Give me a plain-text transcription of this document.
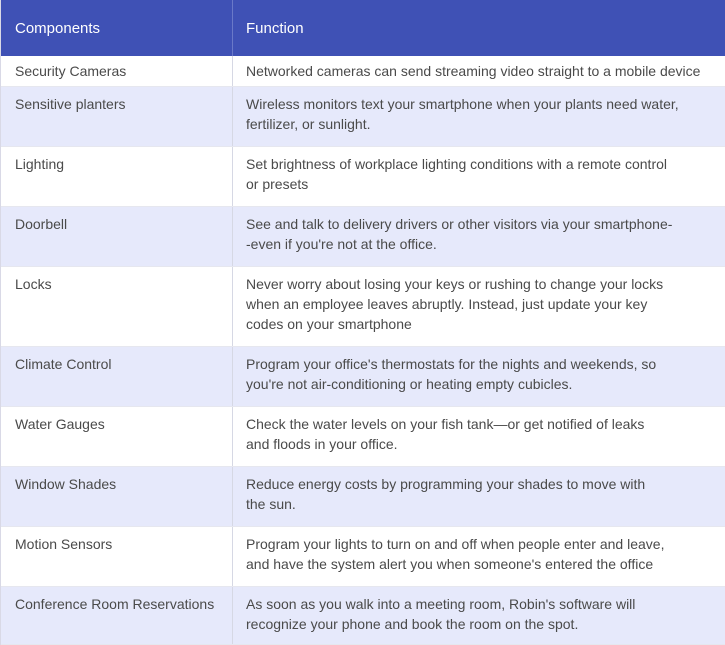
Components	Function
Security Cameras	Networked cameras can send streaming video straight to a mobile device
Sensitive planters	Wireless monitors text your smartphone when your plants need water,
fertilizer, or sunlight.
Lighting	Set brightness of workplace lighting conditions with a remote control
or presets
Doorbell	See and talk to delivery drivers or other visitors via your smartphone-
-even if you're not at the office.
Locks	Never worry about losing your keys or rushing to change your locks
when an employee leaves abruptly. Instead, just update your key
codes on your smartphone
Climate Control	Program your office's thermostats for the nights and weekends, so
you're not air-conditioning or heating empty cubicles.
Water Gauges	Check the water levels on your fish tank—or get notified of leaks
and floods in your office.
Window Shades	Reduce energy costs by programming your shades to move with
the sun.
Motion Sensors	Program your lights to turn on and off when people enter and leave,
and have the system alert you when someone's entered the office
Conference Room Reservations	As soon as you walk into a meeting room, Robin's software will
recognize your phone and book the room on the spot.
